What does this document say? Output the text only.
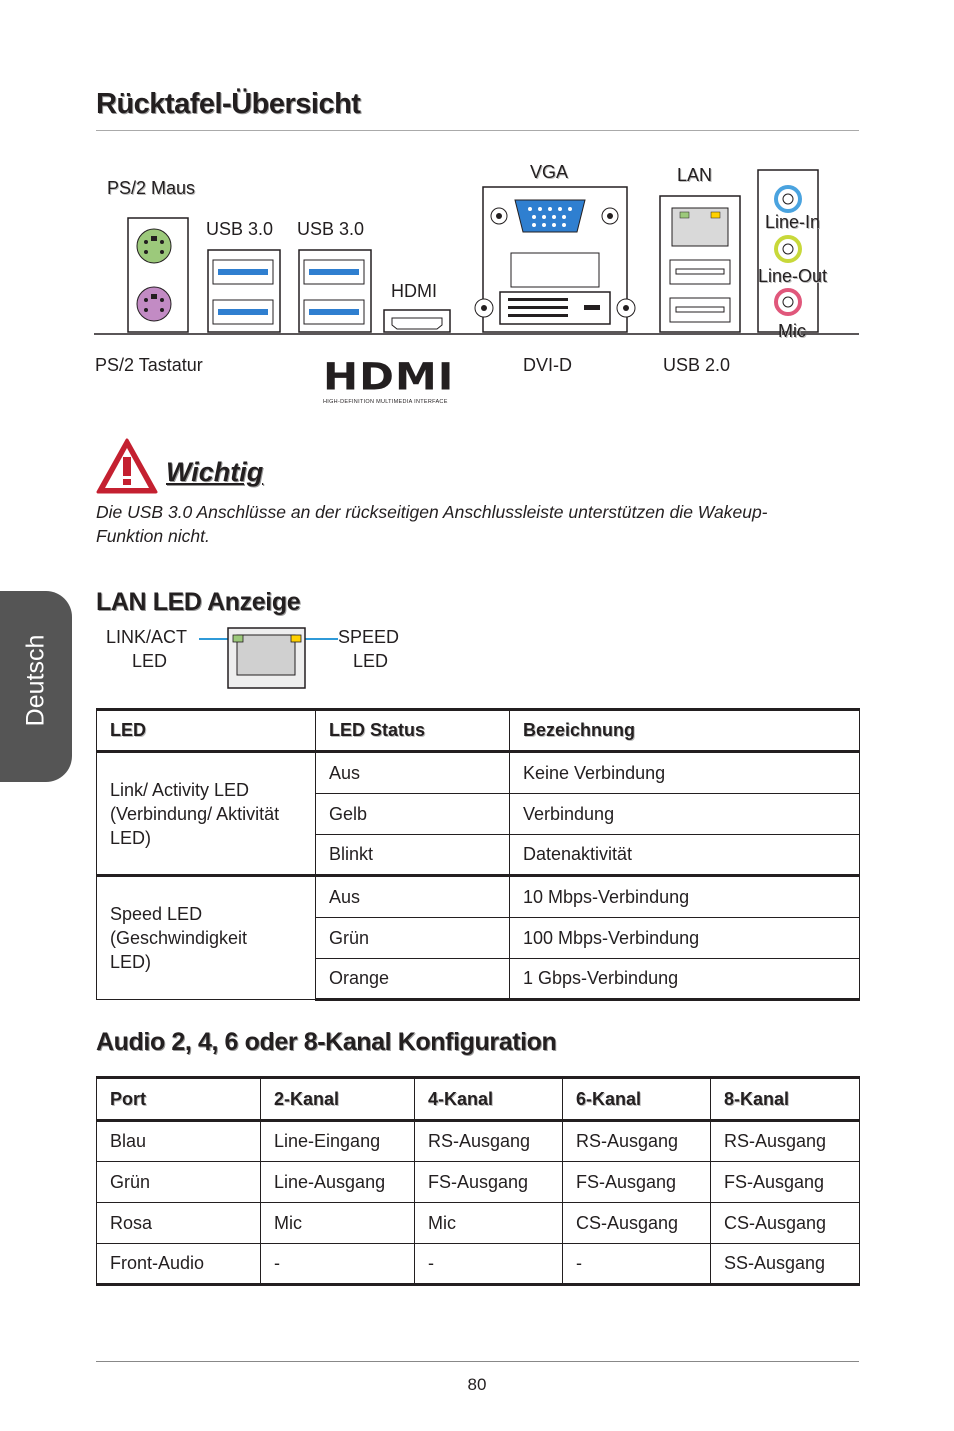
Rücktafel-Übersicht
PS/2 Maus
USB 3.0 USB 3.0
VGA	LAN
HDMI
Line-In
Line-Out
Mic
PS/2 Tastatur	DVI-D	USB 2.0
HDMI
HIGH-DEFINITION MULTIMEDIA INTERFACE
Wichtig
Die USB 3.0 Anschlüsse an der rückseitigen Anschlussleiste unterstützen die Wakeup-Funktion nicht.
Deutsch
LAN LED Anzeige
LINK/ACT
LED
SPEED
LED
LED	LED Status	Bezeichnung

Link/ Activity LED
(Verbindung/ Aktivität
LED)	Aus	Keine Verbindung
	Gelb	Verbindung
	Blinkt	Datenaktivität

Speed LED
(Geschwindigkeit
LED)	Aus	10 Mbps-Verbindung
	Grün	100 Mbps-Verbindung
	Orange	1 Gbps-Verbindung
Audio 2, 4, 6 oder 8-Kanal Konfiguration
Port	2-Kanal	4-Kanal	6-Kanal	8-Kanal
Blau	Line-Eingang	RS-Ausgang	RS-Ausgang	RS-Ausgang
Grün	Line-Ausgang	FS-Ausgang	FS-Ausgang	FS-Ausgang
Rosa	Mic	Mic	CS-Ausgang	CS-Ausgang
Front-Audio	-	-	-	SS-Ausgang
80
